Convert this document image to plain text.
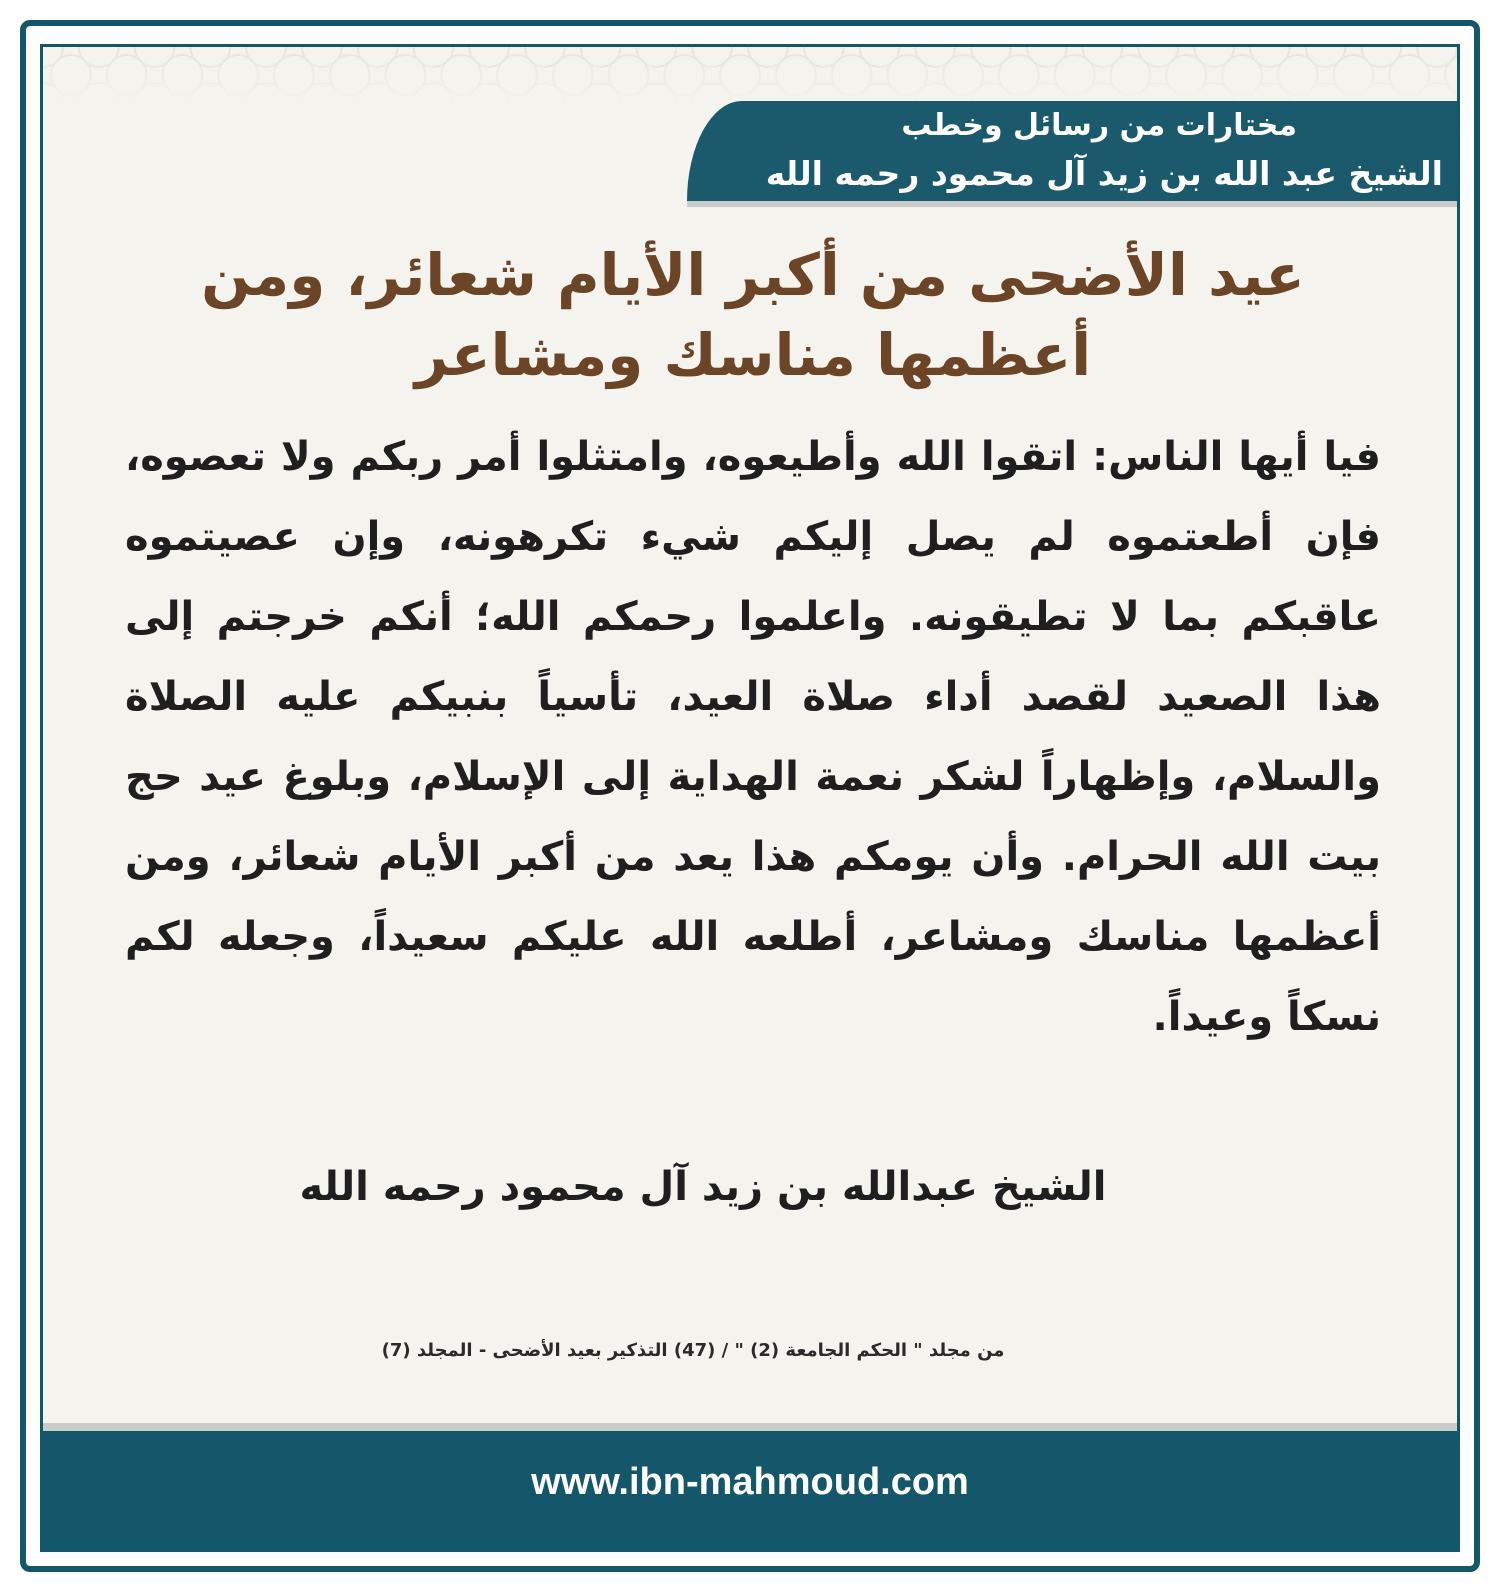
مختارات من رسائل وخطب
الشيخ عبد الله بن زيد آل محمود رحمه الله
عيد الأضحى من أكبر الأيام شعائر، ومن أعظمها مناسك ومشاعر
فيا أيها الناس: اتقوا الله وأطيعوه، وامتثلوا أمر ربكم ولا تعصوه، فإن أطعتموه لم يصل إليكم شيء تكرهونه، وإن عصيتموه عاقبكم بما لا تطيقونه. واعلموا رحمكم الله؛ أنكم خرجتم إلى هذا الصعيد لقصد أداء صلاة العيد، تأسياً بنبيكم عليه الصلاة والسلام، وإظهاراً لشكر نعمة الهداية إلى الإسلام، وبلوغ عيد حج بيت الله الحرام. وأن يومكم هذا يعد من أكبر الأيام شعائر، ومن أعظمها مناسك ومشاعر، أطلعه الله عليكم سعيداً، وجعله لكم نسكاً وعيداً.
الشيخ عبدالله بن زيد آل محمود رحمه الله
من مجلد " الحكم الجامعة (2) " / (47) التذكير بعيد الأضحى - المجلد (7)
www.ibn-mahmoud.com
